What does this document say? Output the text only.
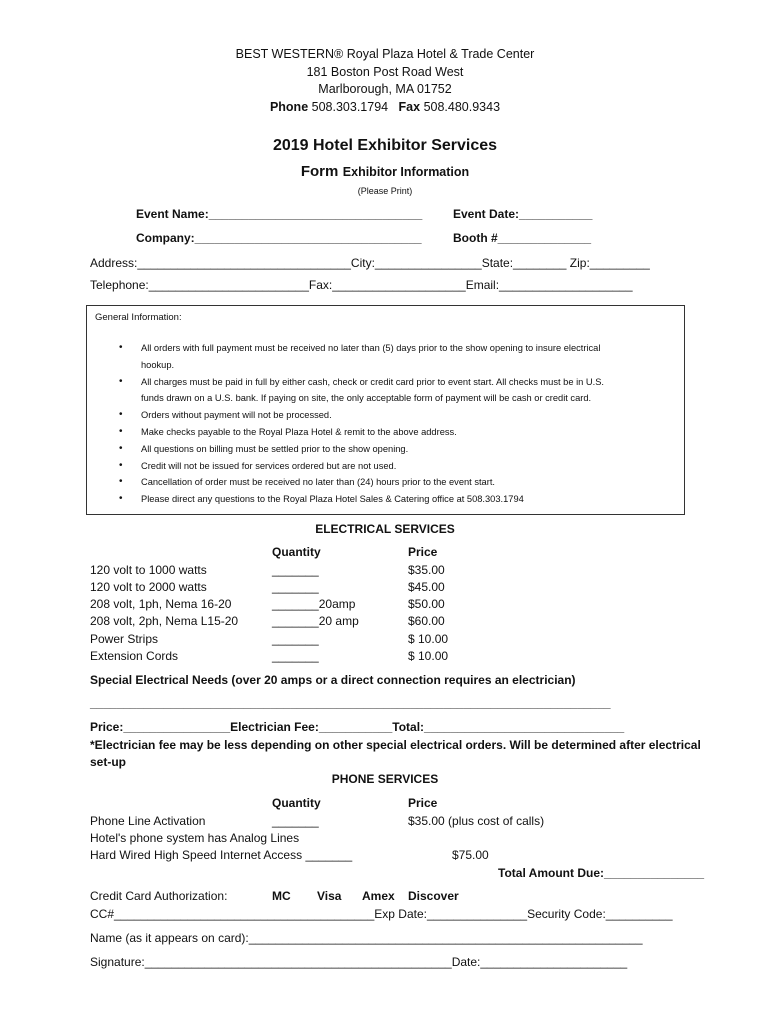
BEST WESTERN® Royal Plaza Hotel & Trade Center
181 Boston Post Road West
Marlborough, MA 01752
Phone 508.303.1794 Fax 508.480.9343
2019 Hotel Exhibitor Services
Form Exhibitor Information
(Please Print)
Event Name:________________________________	Event Date:___________
Company:__________________________________	Booth #______________
Address:________________________________City:________________State:________ Zip:_________
Telephone:________________________Fax:____________________Email:____________________
General Information:
• All orders with full payment must be received no later than (5) days prior to the show opening to insure electrical
hookup.
• All charges must be paid in full by either cash, check or credit card prior to event start. All checks must be in U.S.
funds drawn on a U.S. bank. If paying on site, the only acceptable form of payment will be cash or credit card.
• Orders without payment will not be processed.
• Make checks payable to the Royal Plaza Hotel & remit to the above address.
• All questions on billing must be settled prior to the show opening.
• Credit will not be issued for services ordered but are not used.
• Cancellation of order must be received no later than (24) hours prior to the event start.
• Please direct any questions to the Royal Plaza Hotel Sales & Catering office at 508.303.1794
ELECTRICAL SERVICES
Quantity	Price
120 volt to 1000 watts	_______	$35.00
120 volt to 2000 watts	_______	$45.00
208 volt, 1ph, Nema 16-20	_______20amp	$50.00
208 volt, 2ph, Nema L15-20	_______20 amp	$60.00
Power Strips	_______	$ 10.00
Extension Cords	_______	$ 10.00
Special Electrical Needs (over 20 amps or a direct connection requires an electrician)
______________________________________________________________________________
Price:________________Electrician Fee:___________Total:______________________________
*Electrician fee may be less depending on other special electrical orders. Will be determined after electrical
set-up
PHONE SERVICES
Quantity	Price
Phone Line Activation	_______	$35.00 (plus cost of calls)
Hotel's phone system has Analog Lines
Hard Wired High Speed Internet Access _______	$75.00
Total Amount Due:_______________
Credit Card Authorization:	MC Visa Amex Discover
CC#_______________________________________Exp Date:_______________Security Code:__________
Name (as it appears on card):___________________________________________________________
Signature:______________________________________________Date:______________________
